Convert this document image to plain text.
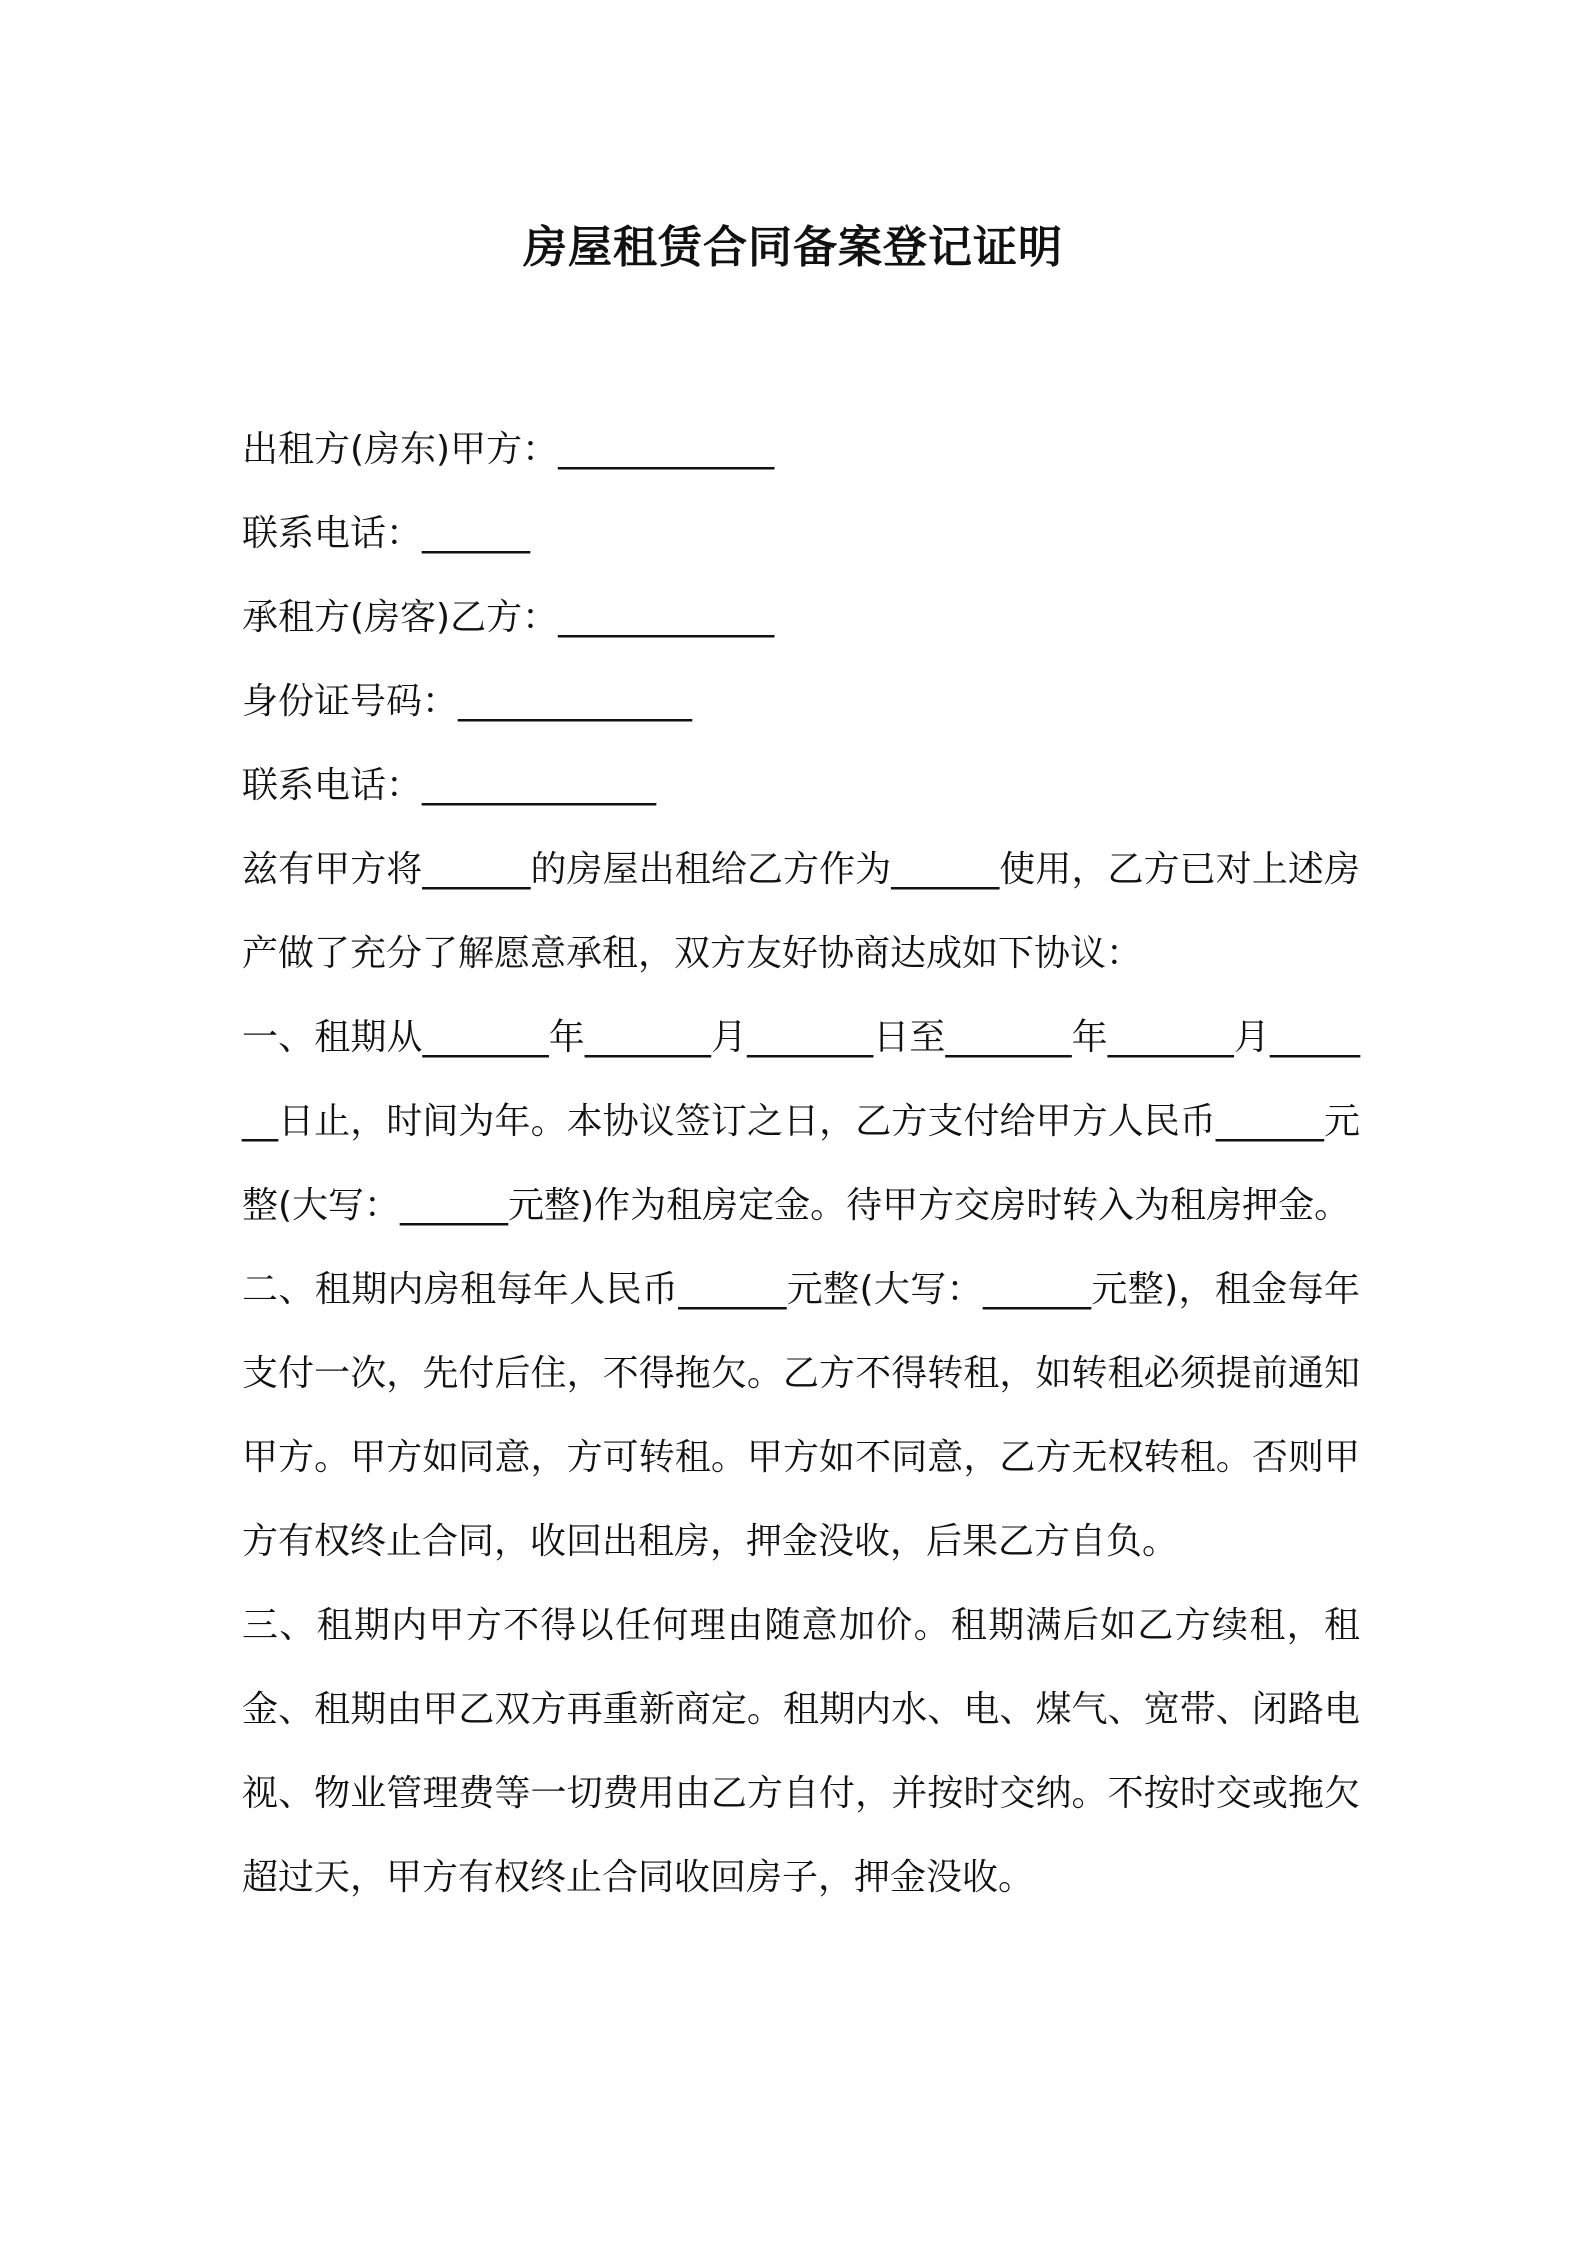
房屋租赁合同备案登记证明
出租方(房东)甲方：____________
联系电话：______
承租方(房客)乙方：____________
身份证号码：_____________
联系电话：_____________

兹有甲方将______的房屋出租给乙方作为______使用，乙方已对上述房产做了充分了解愿意承租，双方友好协商达成如下协议：

一、租期从_______年_______月_______日至_______年_______月_______日止，时间为年。本协议签订之日，乙方支付给甲方人民币______元整(大写：______元整)作为租房定金。待甲方交房时转入为租房押金。

二、租期内房租每年人民币______元整(大写：______元整)，租金每年支付一次，先付后住，不得拖欠。乙方不得转租，如转租必须提前通知甲方。甲方如同意，方可转租。甲方如不同意，乙方无权转租。否则甲方有权终止合同，收回出租房，押金没收，后果乙方自负。

三、租期内甲方不得以任何理由随意加价。租期满后如乙方续租，租金、租期由甲乙双方再重新商定。租期内水、电、煤气、宽带、闭路电视、物业管理费等一切费用由乙方自付，并按时交纳。不按时交或拖欠超过天，甲方有权终止合同收回房子，押金没收。
